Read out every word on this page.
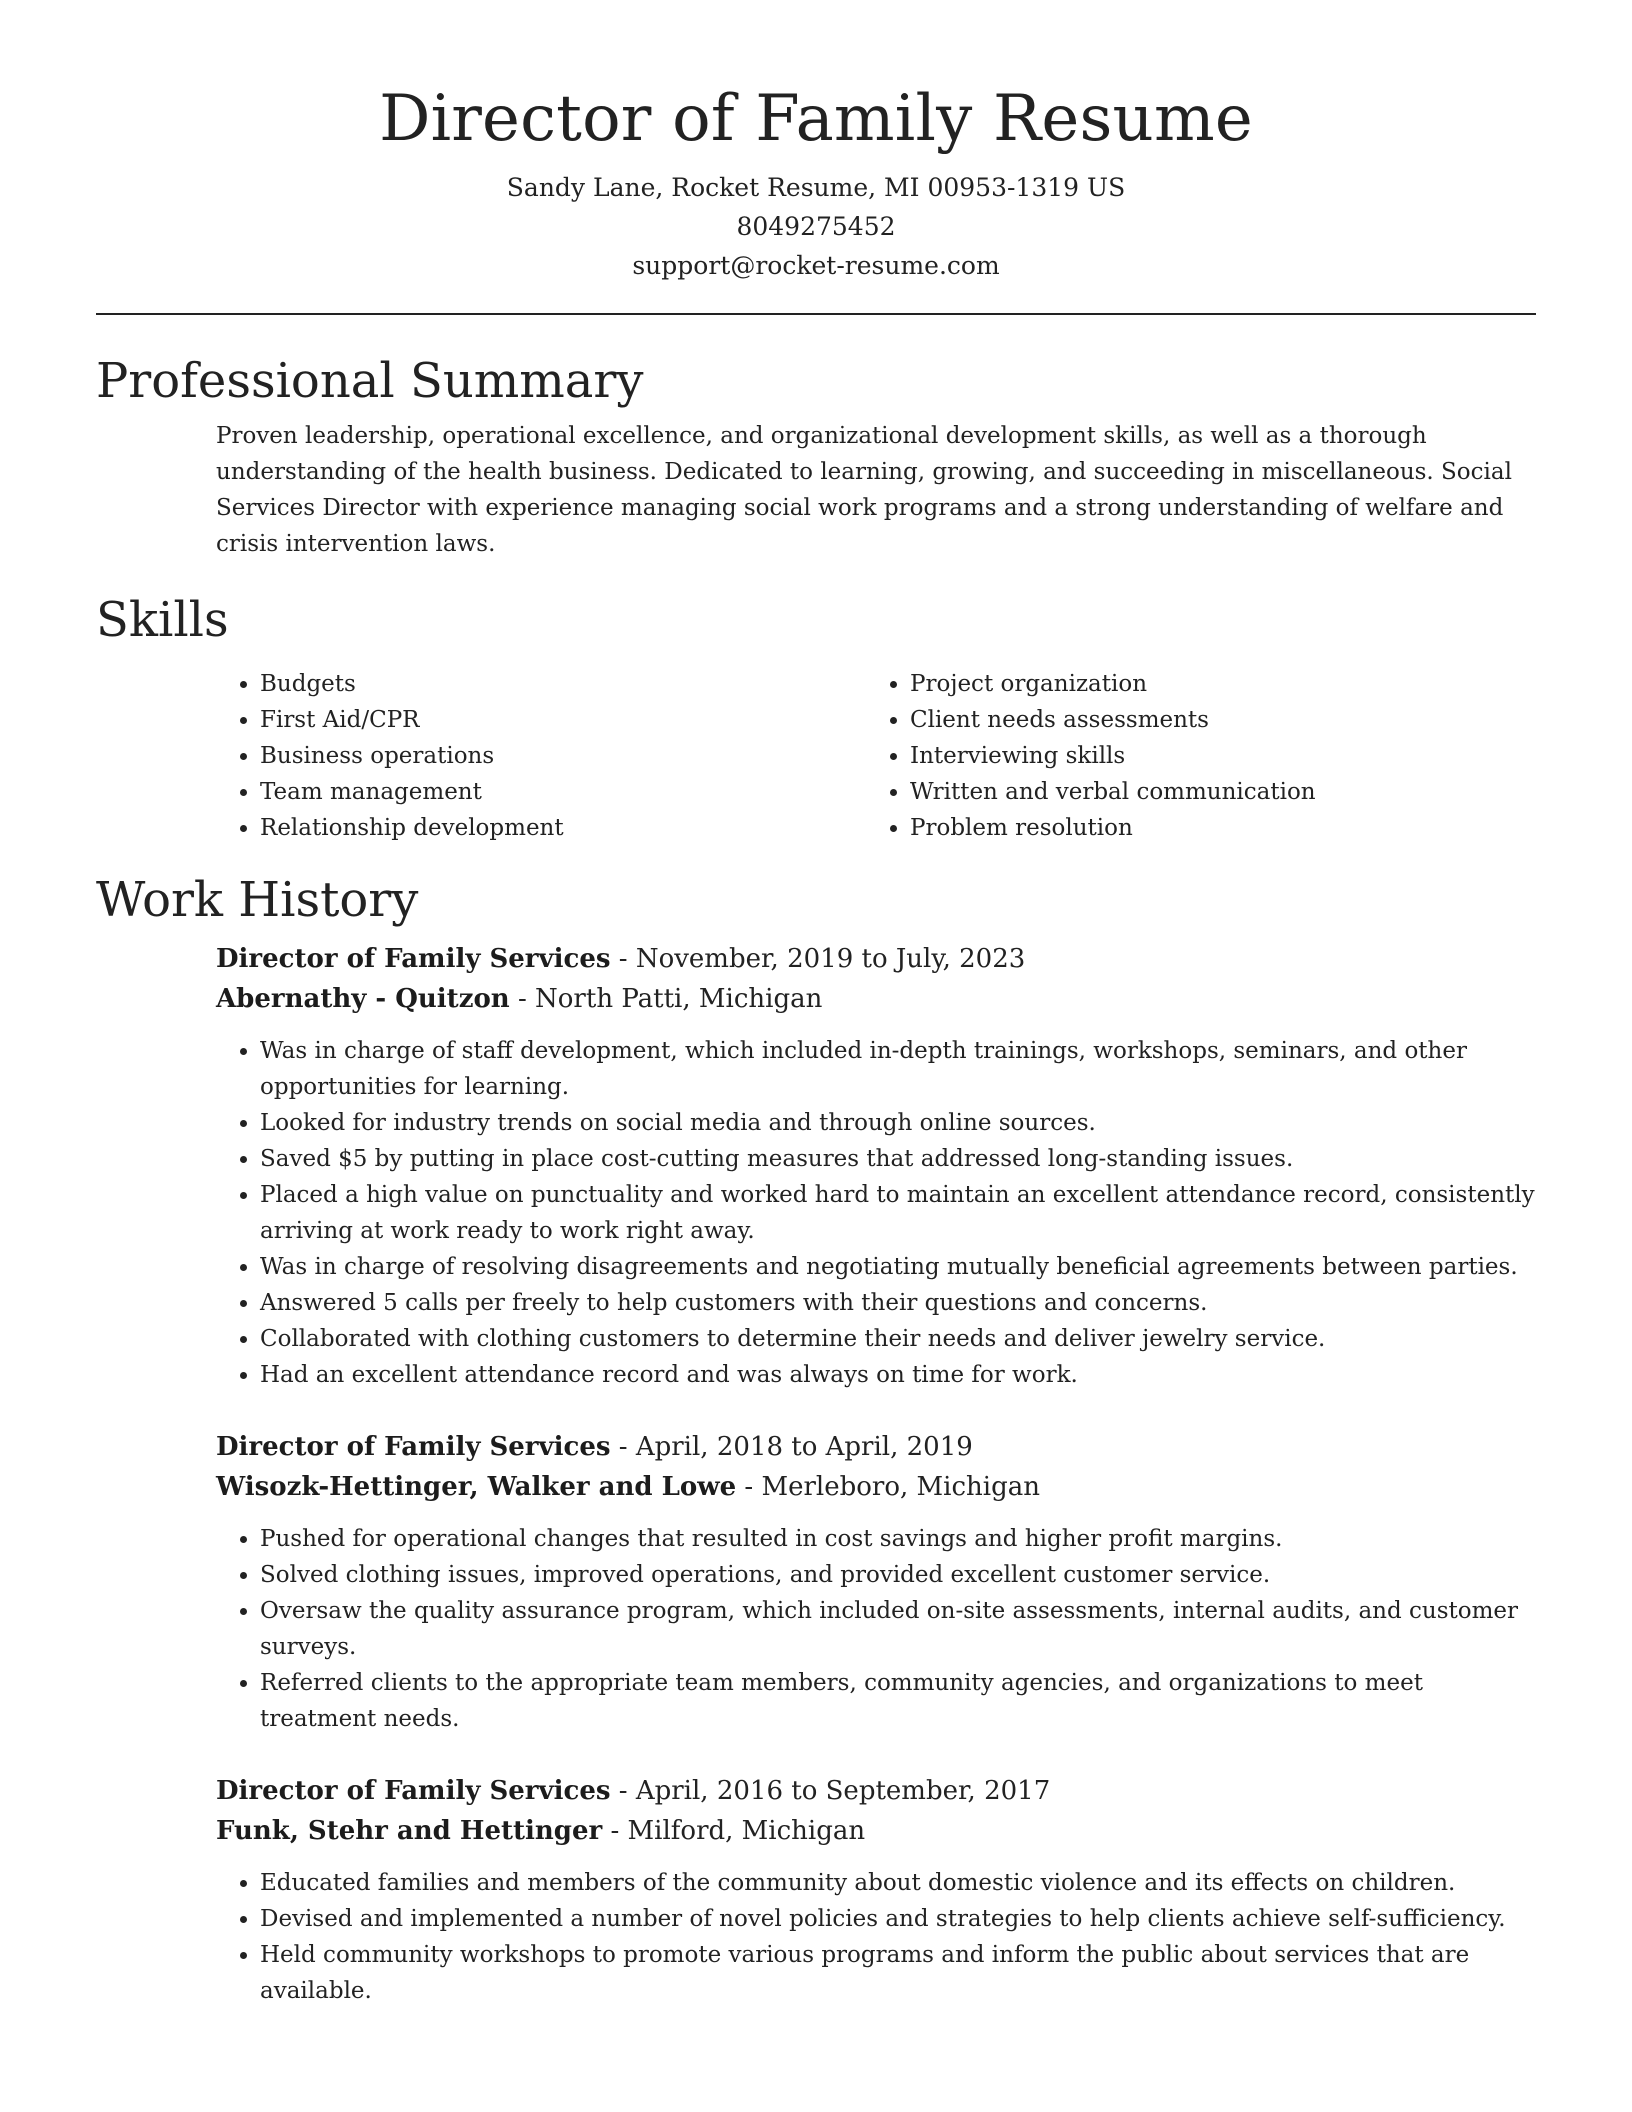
Director of Family Resume
Sandy Lane, Rocket Resume, MI 00953-1319 US
8049275452
support@rocket-resume.com
Professional Summary

Proven leadership, operational excellence, and organizational development skills, as well as a thorough understanding of the health business. Dedicated to learning, growing, and succeeding in miscellaneous. Social Services Director with experience managing social work programs and a strong understanding of welfare and crisis intervention laws.

Skills
• Budgets
• First Aid/CPR
• Business operations
• Team management
• Relationship development
• Project organization
• Client needs assessments
• Interviewing skills
• Written and verbal communication
• Problem resolution
Work History
Director of Family Services - November, 2019 to July, 2023
Abernathy - Quitzon - North Patti, Michigan
• Was in charge of staff development, which included in-depth trainings, workshops, seminars, and other opportunities for learning.
• Looked for industry trends on social media and through online sources.
• Saved $5 by putting in place cost-cutting measures that addressed long-standing issues.
• Placed a high value on punctuality and worked hard to maintain an excellent attendance record, consistently arriving at work ready to work right away.
• Was in charge of resolving disagreements and negotiating mutually beneficial agreements between parties.
• Answered 5 calls per freely to help customers with their questions and concerns.
• Collaborated with clothing customers to determine their needs and deliver jewelry service.
• Had an excellent attendance record and was always on time for work.
Director of Family Services - April, 2018 to April, 2019
Wisozk-Hettinger, Walker and Lowe - Merleboro, Michigan
• Pushed for operational changes that resulted in cost savings and higher profit margins.
• Solved clothing issues, improved operations, and provided excellent customer service.
• Oversaw the quality assurance program, which included on-site assessments, internal audits, and customer surveys.
• Referred clients to the appropriate team members, community agencies, and organizations to meet treatment needs.
Director of Family Services - April, 2016 to September, 2017
Funk, Stehr and Hettinger - Milford, Michigan
• Educated families and members of the community about domestic violence and its effects on children.
• Devised and implemented a number of novel policies and strategies to help clients achieve self-sufficiency.
• Held community workshops to promote various programs and inform the public about services that are available.
